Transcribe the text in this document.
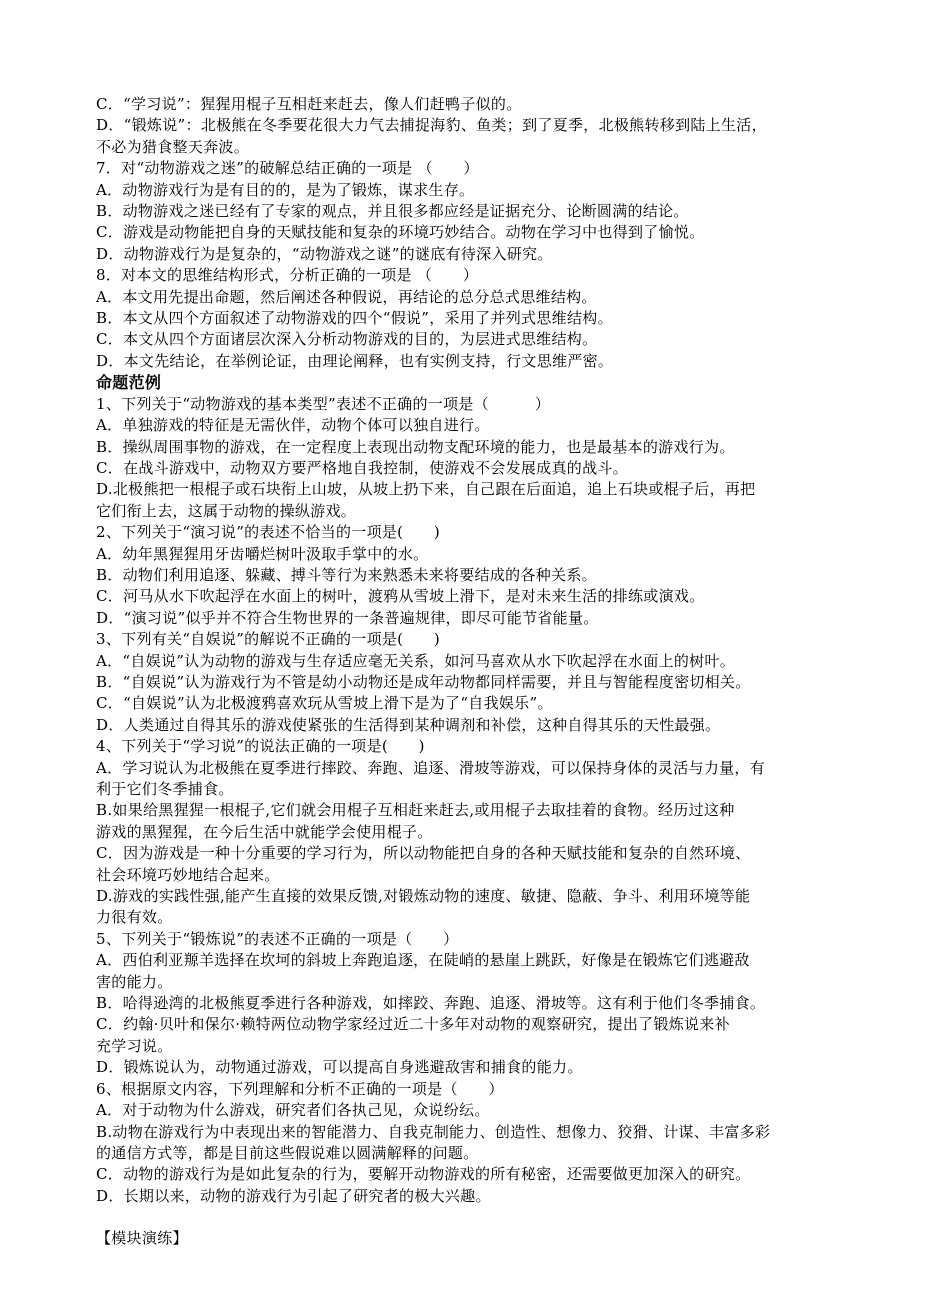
C．“学习说”：猩猩用棍子互相赶来赶去，像人们赶鸭子似的。
D．“锻炼说”：北极熊在冬季要花很大力气去捕捉海豹、鱼类；到了夏季，北极熊转移到陆上生活，
不必为猎食整天奔波。
7．对“动物游戏之迷”的破解总结正确的一项是 （　　）
A．动物游戏行为是有目的的，是为了锻炼，谋求生存。
B．动物游戏之迷已经有了专家的观点，并且很多都应经是证据充分、论断圆满的结论。
C．游戏是动物能把自身的天赋技能和复杂的环境巧妙结合。动物在学习中也得到了愉悦。
D．动物游戏行为是复杂的，“动物游戏之谜”的谜底有待深入研究。
8．对本文的思维结构形式，分析正确的一项是 （　　）
A．本文用先提出命题，然后阐述各种假说，再结论的总分总式思维结构。
B．本文从四个方面叙述了动物游戏的四个“假说”，采用了并列式思维结构。
C．本文从四个方面诸层次深入分析动物游戏的目的，为层进式思维结构。
D．本文先结论，在举例论证，由理论阐释，也有实例支持，行文思维严密。
命题范例
1、下列关于“动物游戏的基本类型”表述不正确的一项是（　　　）
A．单独游戏的特征是无需伙伴，动物个体可以独自进行。
B．操纵周围事物的游戏，在一定程度上表现出动物支配环境的能力，也是最基本的游戏行为。
C．在战斗游戏中，动物双方要严格地自我控制，使游戏不会发展成真的战斗。
D.北极熊把一根棍子或石块衔上山坡，从坡上扔下来，自己跟在后面追，追上石块或棍子后，再把
它们衔上去，这属于动物的操纵游戏。
2、下列关于“演习说”的表述不恰当的一项是(　　)
A．幼年黑猩猩用牙齿嚼烂树叶汲取手掌中的水。
B．动物们利用追逐、躲藏、搏斗等行为来熟悉未来将要结成的各种关系。
C．河马从水下吹起浮在水面上的树叶，渡鸦从雪坡上滑下，是对未来生活的排练或演戏。
D．“演习说”似乎并不符合生物世界的一条普遍规律，即尽可能节省能量。
3、下列有关“自娱说”的解说不正确的一项是(　　)
A．“自娱说”认为动物的游戏与生存适应毫无关系，如河马喜欢从水下吹起浮在水面上的树叶。
B．“自娱说”认为游戏行为不管是幼小动物还是成年动物都同样需要，并且与智能程度密切相关。
C．“自娱说”认为北极渡鸦喜欢玩从雪坡上滑下是为了“自我娱乐”。
D．人类通过自得其乐的游戏使紧张的生活得到某种调剂和补偿，这种自得其乐的天性最强。
4、下列关于“学习说”的说法正确的一项是(　　)
A．学习说认为北极熊在夏季进行摔跤、奔跑、追逐、滑坡等游戏，可以保持身体的灵活与力量，有
利于它们冬季捕食。
B.如果给黑猩猩一根棍子,它们就会用棍子互相赶来赶去,或用棍子去取挂着的食物。经历过这种
游戏的黑猩猩，在今后生活中就能学会使用棍子。
C．因为游戏是一种十分重要的学习行为，所以动物能把自身的各种天赋技能和复杂的自然环境、
社会环境巧妙地结合起来。
D.游戏的实践性强,能产生直接的效果反馈,对锻炼动物的速度、敏捷、隐蔽、争斗、利用环境等能
力很有效。
5、下列关于“锻炼说”的表述不正确的一项是（　　）
A．西伯利亚羱羊选择在坎坷的斜坡上奔跑追逐，在陡峭的悬崖上跳跃，好像是在锻炼它们逃避敌
害的能力。
B．哈得逊湾的北极熊夏季进行各种游戏，如摔跤、奔跑、追逐、滑坡等。这有利于他们冬季捕食。
C．约翰·贝叶和保尔·赖特两位动物学家经过近二十多年对动物的观察研究，提出了锻炼说来补
充学习说。
D．锻炼说认为，动物通过游戏，可以提高自身逃避敌害和捕食的能力。
6、根据原文内容，下列理解和分析不正确的一项是（　　）
A．对于动物为什么游戏，研究者们各执己见，众说纷纭。
B.动物在游戏行为中表现出来的智能潜力、自我克制能力、创造性、想像力、狡猾、计谋、丰富多彩
的通信方式等，都是目前这些假说难以圆满解释的问题。
C．动物的游戏行为是如此复杂的行为，要解开动物游戏的所有秘密，还需要做更加深入的研究。
D．长期以来，动物的游戏行为引起了研究者的极大兴趣。
【模块演练】
